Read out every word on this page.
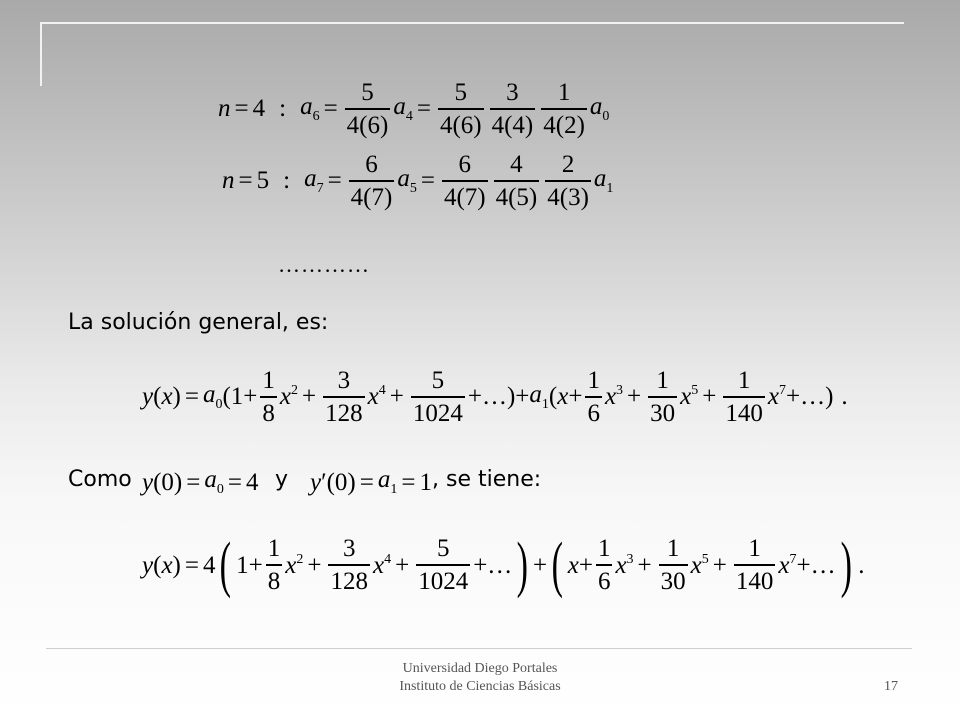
n = 4 : $a_6 = \frac{5}{4(6)} a_4 = \frac{5}{4(6)} \frac{3}{4(4)} \frac{1}{4(2)} a_0$
n = 5 : $a_7 = \frac{6}{4(7)} a_5 = \frac{6}{4(7)} \frac{4}{4(5)} \frac{2}{4(3)} a_1$
…………
La solución general, es:
y ( x ) = $a_0$ ($1+ \frac{1}{8} x^2 + \frac{3}{128} x^4 + \frac{5}{1024}$ +…)+ $a_1$ ( $x + \frac{1}{6} x^3 + \frac{1}{30} x^5 + \frac{1}{140} x^7$ +…) .
Como y $(0) = a_0 = 4$ y y $'(0) = a_1 = 1$ , se tiene:
y ( x ) = 4 ( $1+ \frac{1}{8} x^2 + \frac{3}{128} x^4 + \frac{5}{1024}$ +… ) + ( $x + \frac{1}{6} x^3 + \frac{1}{30} x^5 + \frac{1}{140} x^7$ +… ) .
Universidad Diego Portales
Instituto de Ciencias Básicas	17
